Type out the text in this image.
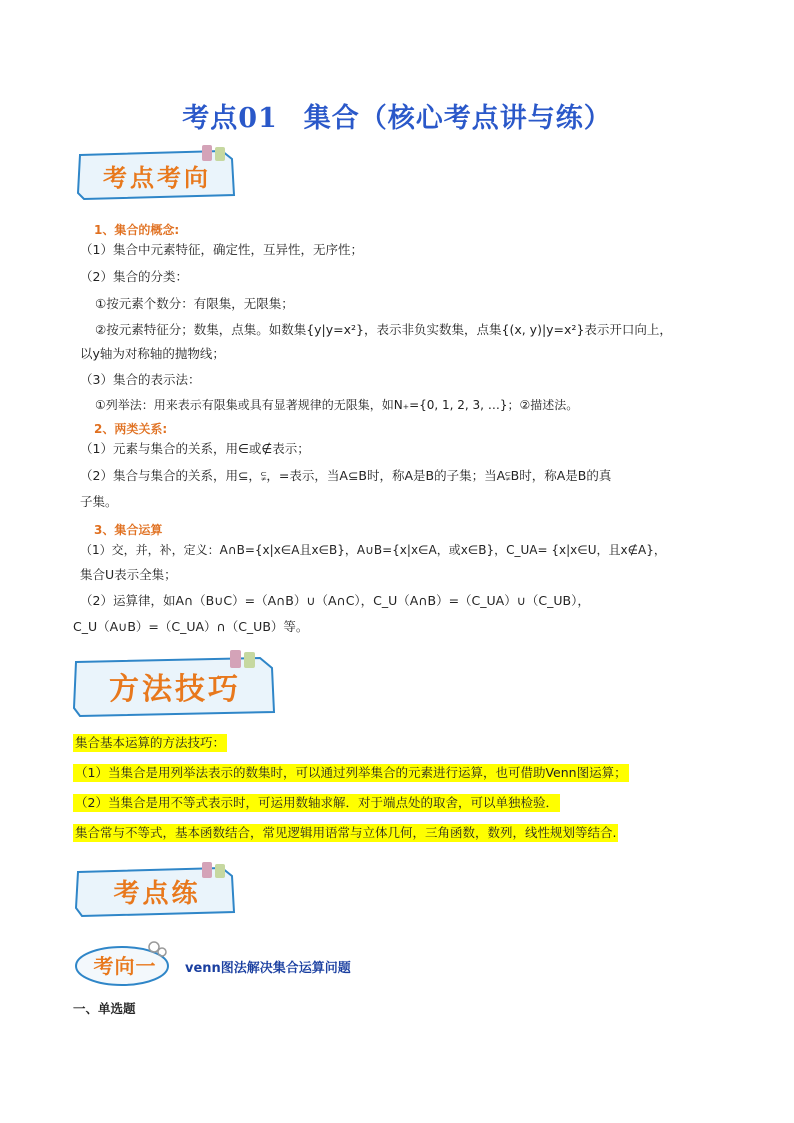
考点01 集合（核心考点讲与练）
考点考向
1、集合的概念:
（1）集合中元素特征，确定性，互异性，无序性；
（2）集合的分类：
①按元素个数分：有限集，无限集；
②按元素特征分；数集，点集。如数集{y|y=x²}，表示非负实数集，点集{(x, y)|y=x²}表示开口向上，
以y轴为对称轴的抛物线；
（3）集合的表示法：
①列举法：用来表示有限集或具有显著规律的无限集，如N₊={0, 1, 2, 3, …}；②描述法。
2、两类关系:
（1）元素与集合的关系，用∈或∉表示；
（2）集合与集合的关系，用⊆，⫋，=表示，当A⊆B时，称A是B的子集；当A⫋B时，称A是B的真
子集。
3、集合运算
（1）交，并，补，定义：A∩B={x|x∈A且x∈B}，A∪B={x|x∈A，或x∈B}，C_UA= {x|x∈U，且x∉A}，
集合U表示全集；
（2）运算律，如A∩（B∪C）=（A∩B）∪（A∩C），C_U（A∩B）=（C_UA）∪（C_UB），
C_U（A∪B）=（C_UA）∩（C_UB）等。
方法技巧
集合基本运算的方法技巧：
（1）当集合是用列举法表示的数集时，可以通过列举集合的元素进行运算，也可借助Venn图运算；
（2）当集合是用不等式表示时，可运用数轴求解．对于端点处的取舍，可以单独检验．
集合常与不等式，基本函数结合，常见逻辑用语常与立体几何，三角函数，数列，线性规划等结合.
考点练
考向一	venn图法解决集合运算问题
一、单选题
